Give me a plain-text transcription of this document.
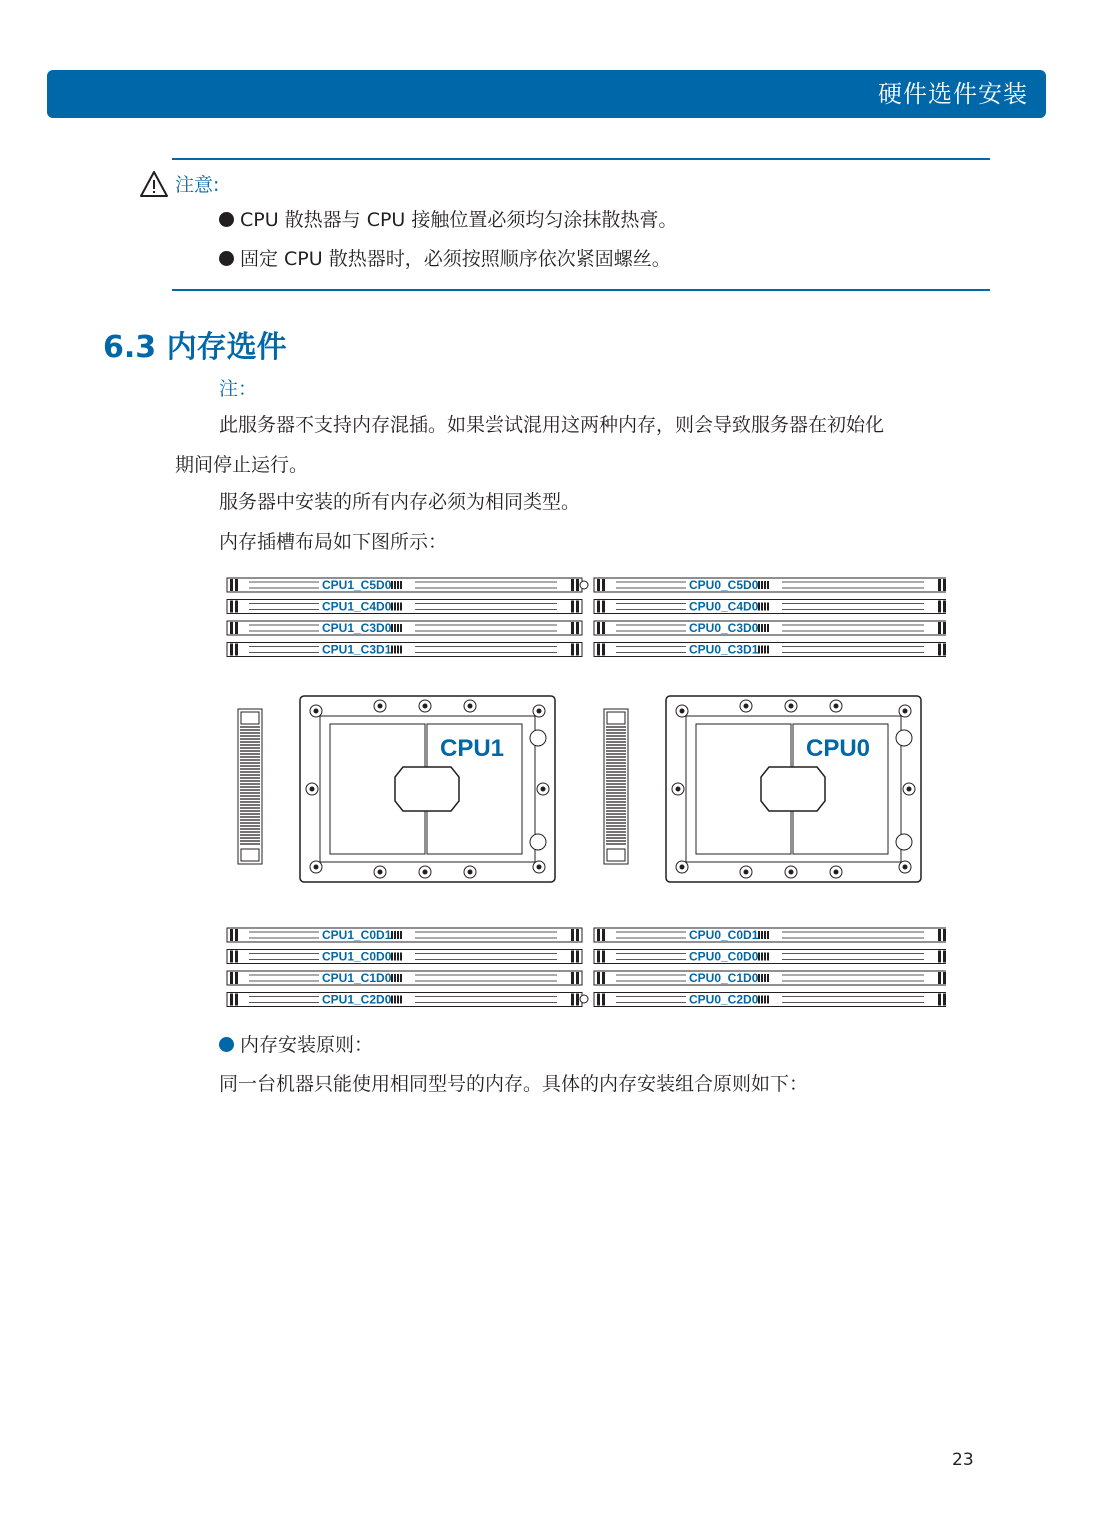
硬件选件安装
注意:
CPU 散热器与 CPU 接触位置必须均匀涂抹散热膏。
固定 CPU 散热器时，必须按照顺序依次紧固螺丝。
6.3 内存选件
注：
此服务器不支持内存混插。如果尝试混用这两种内存，则会导致服务器在初始化
期间停止运行。
服务器中安装的所有内存必须为相同类型。
内存插槽布局如下图所示：
CPU1_C5D0
CPU1_C4D0
CPU1_C3D0
CPU1_C3D1
CPU0_C5D0
CPU0_C4D0
CPU0_C3D0
CPU0_C3D1
CPU1_C0D1
CPU1_C0D0
CPU1_C1D0
CPU1_C2D0
CPU0_C0D1
CPU0_C0D0
CPU0_C1D0
CPU0_C2D0
CPU1	CPU0
内存安装原则：
同一台机器只能使用相同型号的内存。具体的内存安装组合原则如下：
23
